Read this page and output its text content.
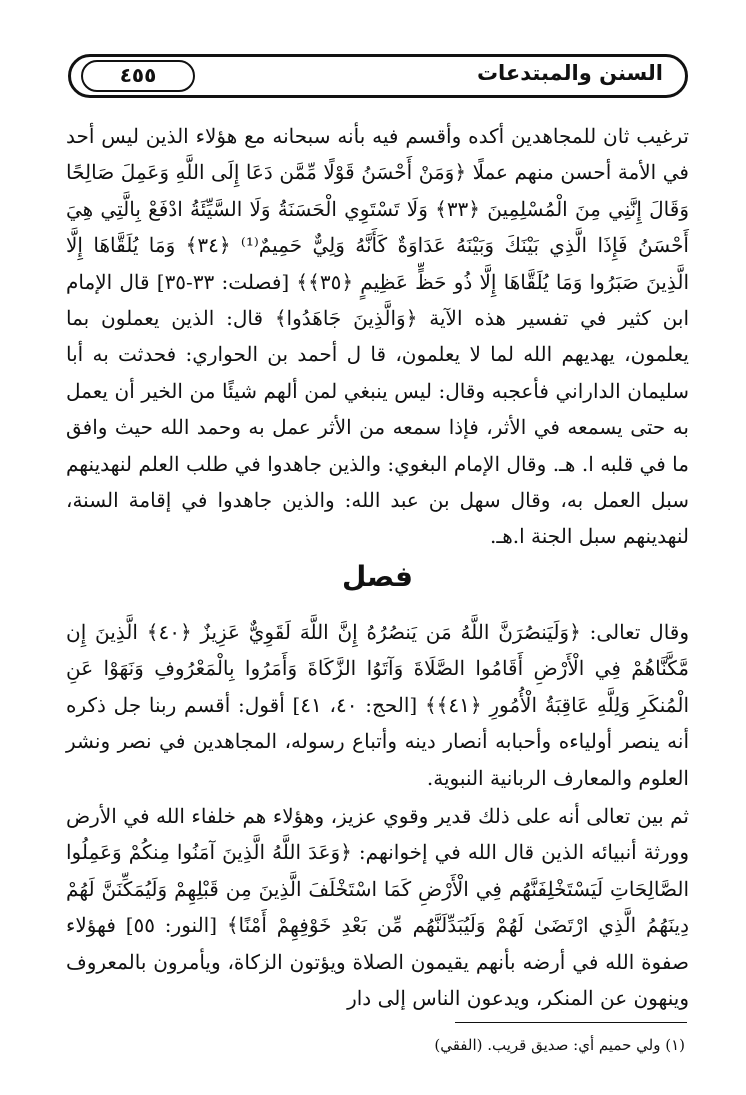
السنن والمبتدعات
٤٥٥

ترغيب ثان للمجاهدين أكده وأقسم فيه بأنه سبحانه مع هؤلاء الذين ليس أحد في الأمة أحسن منهم عملًا ﴿وَمَنْ أَحْسَنُ قَوْلًا مِّمَّن دَعَا إِلَى اللَّهِ وَعَمِلَ صَالِحًا وَقَالَ إِنَّنِي مِنَ الْمُسْلِمِينَ ﴿٣٣﴾ وَلَا تَسْتَوِي الْحَسَنَةُ وَلَا السَّيِّئَةُ ادْفَعْ بِالَّتِي هِيَ أَحْسَنُ فَإِذَا الَّذِي بَيْنَكَ وَبَيْنَهُ عَدَاوَةٌ كَأَنَّهُ وَلِيٌّ حَمِيمٌ⁽¹⁾ ﴿٣٤﴾ وَمَا يُلَقَّاهَا إِلَّا الَّذِينَ صَبَرُوا وَمَا يُلَقَّاهَا إِلَّا ذُو حَظٍّ عَظِيمٍ ﴿٣٥﴾﴾ [فصلت: ٣٣-٣٥] قال الإمام ابن كثير في تفسير هذه الآية ﴿وَالَّذِينَ جَاهَدُوا﴾ قال: الذين يعملون بما يعلمون، يهديهم الله لما لا يعلمون، قا ل أحمد بن الحواري: فحدثت به أبا سليمان الداراني فأعجبه وقال: ليس ينبغي لمن ألهم شيئًا من الخير أن يعمل به حتى يسمعه في الأثر، فإذا سمعه من الأثر عمل به وحمد الله حيث وافق ما في قلبه ا. هـ. وقال الإمام البغوي: والذين جاهدوا في طلب العلم لنهدينهم سبل العمل به، وقال سهل بن عبد الله: والذين جاهدوا في إقامة السنة، لنهدينهم سبل الجنة ا.هـ.

فصل

وقال تعالى: ﴿وَلَيَنصُرَنَّ اللَّهُ مَن يَنصُرُهُ إِنَّ اللَّهَ لَقَوِيٌّ عَزِيزٌ ﴿٤٠﴾ الَّذِينَ إِن مَّكَّنَّاهُمْ فِي الْأَرْضِ أَقَامُوا الصَّلَاةَ وَآتَوُا الزَّكَاةَ وَأَمَرُوا بِالْمَعْرُوفِ وَنَهَوْا عَنِ الْمُنكَرِ وَلِلَّهِ عَاقِبَةُ الْأُمُورِ ﴿٤١﴾﴾ [الحج: ٤٠، ٤١] أقول: أقسم ربنا جل ذكره أنه ينصر أولياءه وأحبابه أنصار دينه وأتباع رسوله، المجاهدين في نصر ونشر العلوم والمعارف الربانية النبوية.

ثم بين تعالى أنه على ذلك قدير وقوي عزيز، وهؤلاء هم خلفاء الله في الأرض وورثة أنبيائه الذين قال الله في إخوانهم: ﴿وَعَدَ اللَّهُ الَّذِينَ آمَنُوا مِنكُمْ وَعَمِلُوا الصَّالِحَاتِ لَيَسْتَخْلِفَنَّهُم فِي الْأَرْضِ كَمَا اسْتَخْلَفَ الَّذِينَ مِن قَبْلِهِمْ وَلَيُمَكِّنَنَّ لَهُمْ دِينَهُمُ الَّذِي ارْتَضَىٰ لَهُمْ وَلَيُبَدِّلَنَّهُم مِّن بَعْدِ خَوْفِهِمْ أَمْنًا﴾ [النور: ٥٥] فهؤلاء صفوة الله في أرضه بأنهم يقيمون الصلاة ويؤتون الزكاة، ويأمرون بالمعروف وينهون عن المنكر، ويدعون الناس إلى دار

(١) ولي حميم أي: صديق قريب. (الفقي)
